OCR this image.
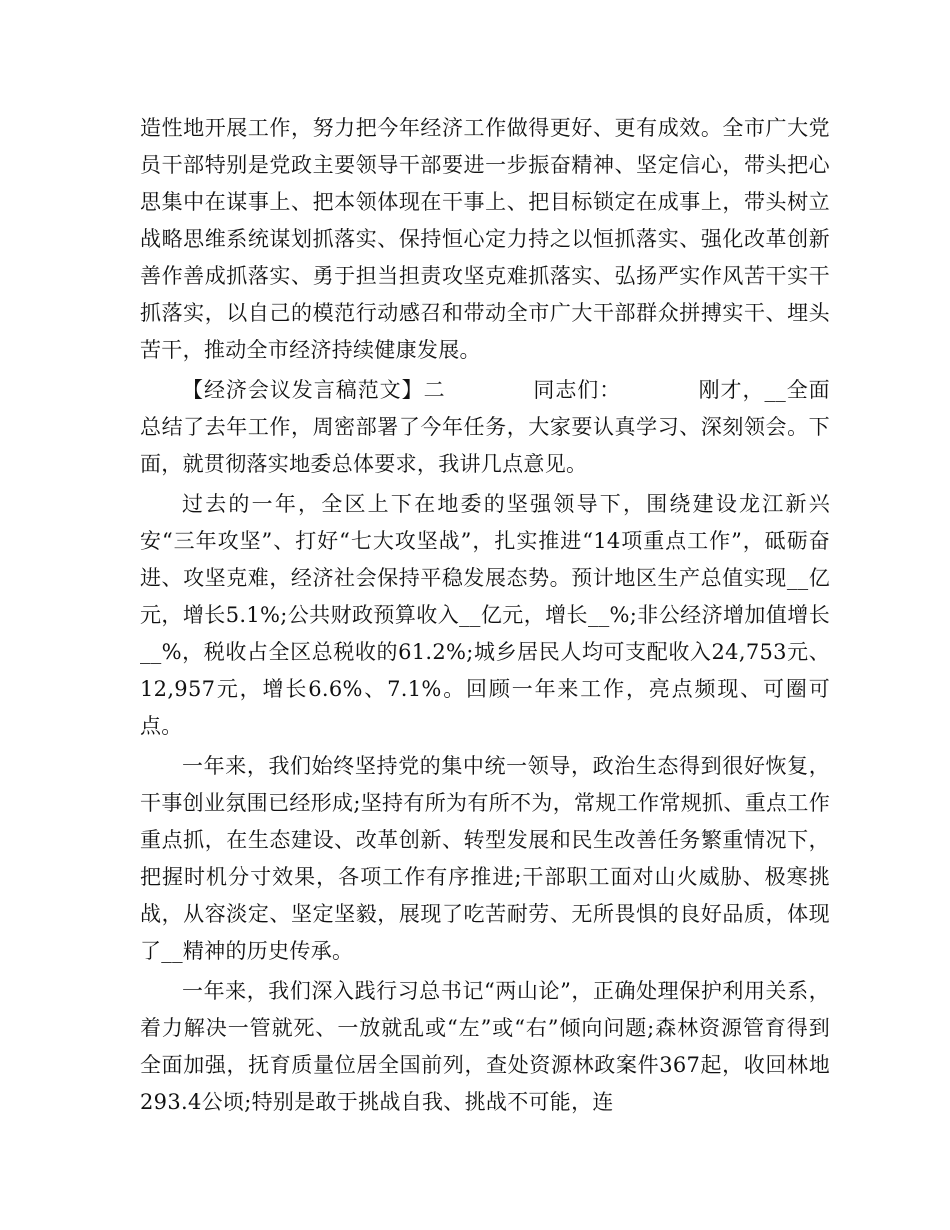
造性地开展工作，努力把今年经济工作做得更好、更有成效。全市广大党员干部特别是党政主要领导干部要进一步振奋精神、坚定信心，带头把心思集中在谋事上、把本领体现在干事上、把目标锁定在成事上，带头树立战略思维系统谋划抓落实、保持恒心定力持之以恒抓落实、强化改革创新善作善成抓落实、勇于担当担责攻坚克难抓落实、弘扬严实作风苦干实干抓落实，以自己的模范行动感召和带动全市广大干部群众拼搏实干、埋头苦干，推动全市经济持续健康发展。

【经济会议发言稿范文】二　　　　同志们：　　　　刚才，__全面总结了去年工作，周密部署了今年任务，大家要认真学习、深刻领会。下面，就贯彻落实地委总体要求，我讲几点意见。

过去的一年，全区上下在地委的坚强领导下，围绕建设龙江新兴安“三年攻坚”、打好“七大攻坚战”，扎实推进“14项重点工作”，砥砺奋进、攻坚克难，经济社会保持平稳发展态势。预计地区生产总值实现__亿元，增长5.1%;公共财政预算收入__亿元，增长__%;非公经济增加值增长__%，税收占全区总税收的61.2%;城乡居民人均可支配收入24,753元、12,957元，增长6.6%、7.1%。回顾一年来工作，亮点频现、可圈可点。

一年来，我们始终坚持党的集中统一领导，政治生态得到很好恢复，干事创业氛围已经形成;坚持有所为有所不为，常规工作常规抓、重点工作重点抓，在生态建设、改革创新、转型发展和民生改善任务繁重情况下，把握时机分寸效果，各项工作有序推进;干部职工面对山火威胁、极寒挑战，从容淡定、坚定坚毅，展现了吃苦耐劳、无所畏惧的良好品质，体现了__精神的历史传承。

一年来，我们深入践行习总书记“两山论”，正确处理保护利用关系，着力解决一管就死、一放就乱或“左”或“右”倾向问题;森林资源管育得到全面加强，抚育质量位居全国前列，查处资源林政案件367起，收回林地293.4公顷;特别是敢于挑战自我、挑战不可能，连
